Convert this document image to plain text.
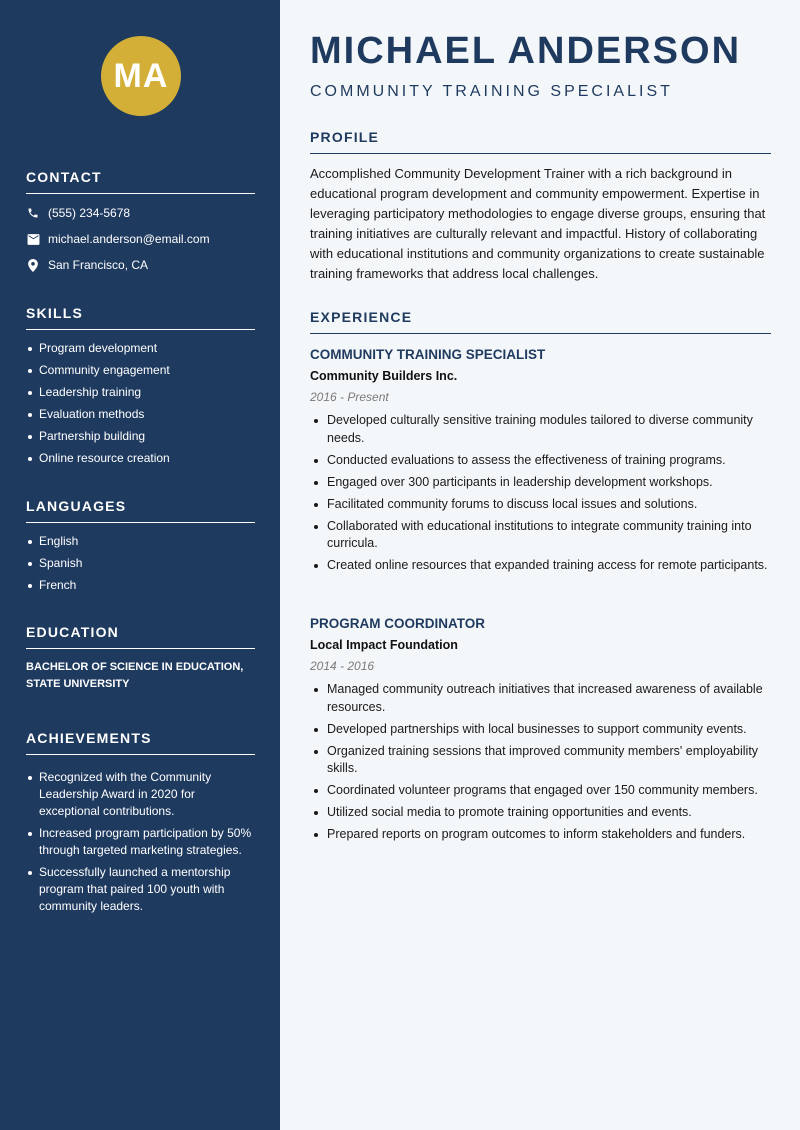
MA
CONTACT
(555) 234-5678
michael.anderson@email.com
San Francisco, CA
SKILLS
Program development
Community engagement
Leadership training
Evaluation methods
Partnership building
Online resource creation
LANGUAGES
English
Spanish
French
EDUCATION
BACHELOR OF SCIENCE IN EDUCATION, STATE UNIVERSITY
ACHIEVEMENTS
Recognized with the Community Leadership Award in 2020 for exceptional contributions.
Increased program participation by 50% through targeted marketing strategies.
Successfully launched a mentorship program that paired 100 youth with community leaders.
MICHAEL ANDERSON
COMMUNITY TRAINING SPECIALIST
PROFILE

Accomplished Community Development Trainer with a rich background in educational program development and community empowerment. Expertise in leveraging participatory methodologies to engage diverse groups, ensuring that training initiatives are culturally relevant and impactful. History of collaborating with educational institutions and community organizations to create sustainable training frameworks that address local challenges.

EXPERIENCE
COMMUNITY TRAINING SPECIALIST
Community Builders Inc.
2016 - Present
Developed culturally sensitive training modules tailored to diverse community needs.
Conducted evaluations to assess the effectiveness of training programs.
Engaged over 300 participants in leadership development workshops.
Facilitated community forums to discuss local issues and solutions.
Collaborated with educational institutions to integrate community training into curricula.
Created online resources that expanded training access for remote participants.
PROGRAM COORDINATOR
Local Impact Foundation
2014 - 2016
Managed community outreach initiatives that increased awareness of available resources.
Developed partnerships with local businesses to support community events.
Organized training sessions that improved community members' employability skills.
Coordinated volunteer programs that engaged over 150 community members.
Utilized social media to promote training opportunities and events.
Prepared reports on program outcomes to inform stakeholders and funders.
